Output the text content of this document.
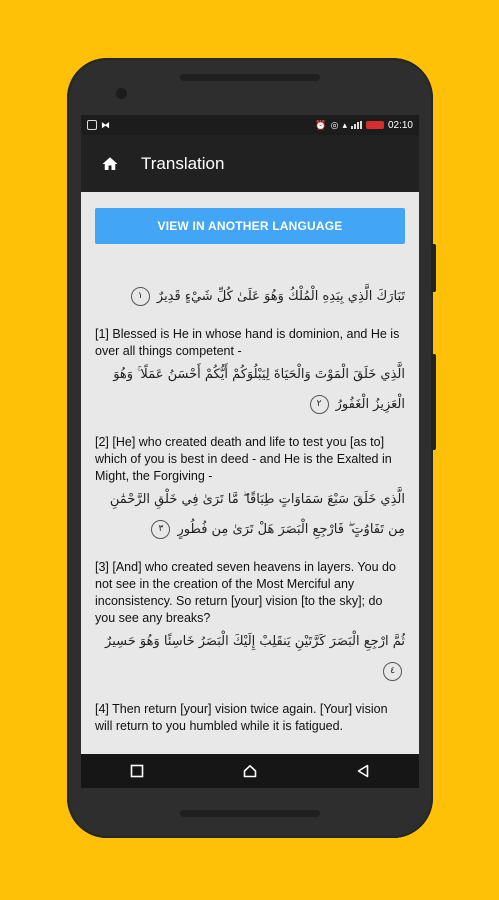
⧓	⏰ ◎ ▴	02:10
Translation
VIEW IN ANOTHER LANGUAGE
تَبَارَكَ الَّذِي بِيَدِهِ الْمُلْكُ وَهُوَ عَلَىٰ كُلِّ شَيْءٍ قَدِيرٌ ١

[1] Blessed is He in whose hand is dominion, and He is over all things competent -

الَّذِي خَلَقَ الْمَوْتَ وَالْحَيَاةَ لِيَبْلُوَكُمْ أَيُّكُمْ أَحْسَنُ عَمَلًا ۚ وَهُوَ الْعَزِيزُ الْغَفُورُ ٢

[2] [He] who created death and life to test you [as to] which of you is best in deed - and He is the Exalted in Might, the Forgiving -

الَّذِي خَلَقَ سَبْعَ سَمَاوَاتٍ طِبَاقًا ۖ مَّا تَرَىٰ فِي خَلْقِ الرَّحْمَٰنِ مِن تَفَاوُتٍ ۖ فَارْجِعِ الْبَصَرَ هَلْ تَرَىٰ مِن فُطُورٍ ٣

[3] [And] who created seven heavens in layers. You do not see in the creation of the Most Merciful any inconsistency. So return [your] vision [to the sky]; do you see any breaks?

ثُمَّ ارْجِعِ الْبَصَرَ كَرَّتَيْنِ يَنقَلِبْ إِلَيْكَ الْبَصَرُ خَاسِئًا وَهُوَ حَسِيرٌ ٤

[4] Then return [your] vision twice again. [Your] vision will return to you humbled while it is fatigued.
